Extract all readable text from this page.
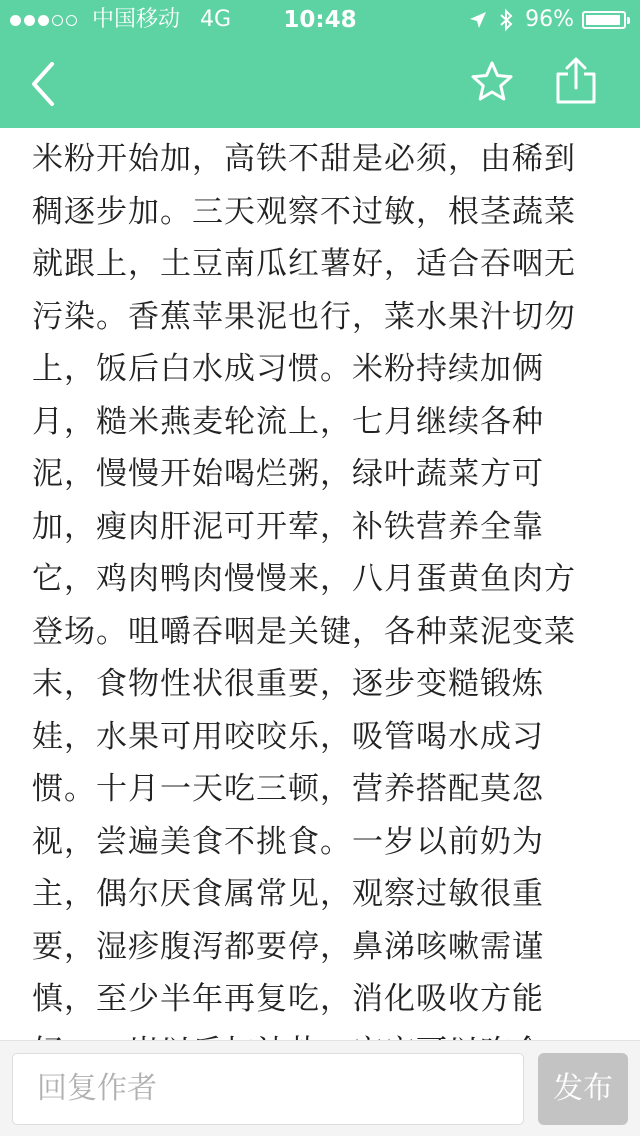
中国移动 4G	10:48	96%
米粉开始加，高铁不甜是必须，由稀到
稠逐步加。三天观察不过敏，根茎蔬菜
就跟上，土豆南瓜红薯好，适合吞咽无
污染。香蕉苹果泥也行，菜水果汁切勿
上，饭后白水成习惯。米粉持续加俩
月，糙米燕麦轮流上，七月继续各种
泥，慢慢开始喝烂粥，绿叶蔬菜方可
加，瘦肉肝泥可开荤，补铁营养全靠
它，鸡肉鸭肉慢慢来，八月蛋黄鱼肉方
登场。咀嚼吞咽是关键，各种菜泥变菜
末，食物性状很重要，逐步变糙锻炼
娃，水果可用咬咬乐，吸管喝水成习
惯。十月一天吃三顿，营养搭配莫忽
视，尝遍美食不挑食。一岁以前奶为
主，偶尔厌食属常见，观察过敏很重
要，湿疹腹泻都要停，鼻涕咳嗽需谨
慎，至少半年再复吃，消化吸收方能
回复作者	发布
